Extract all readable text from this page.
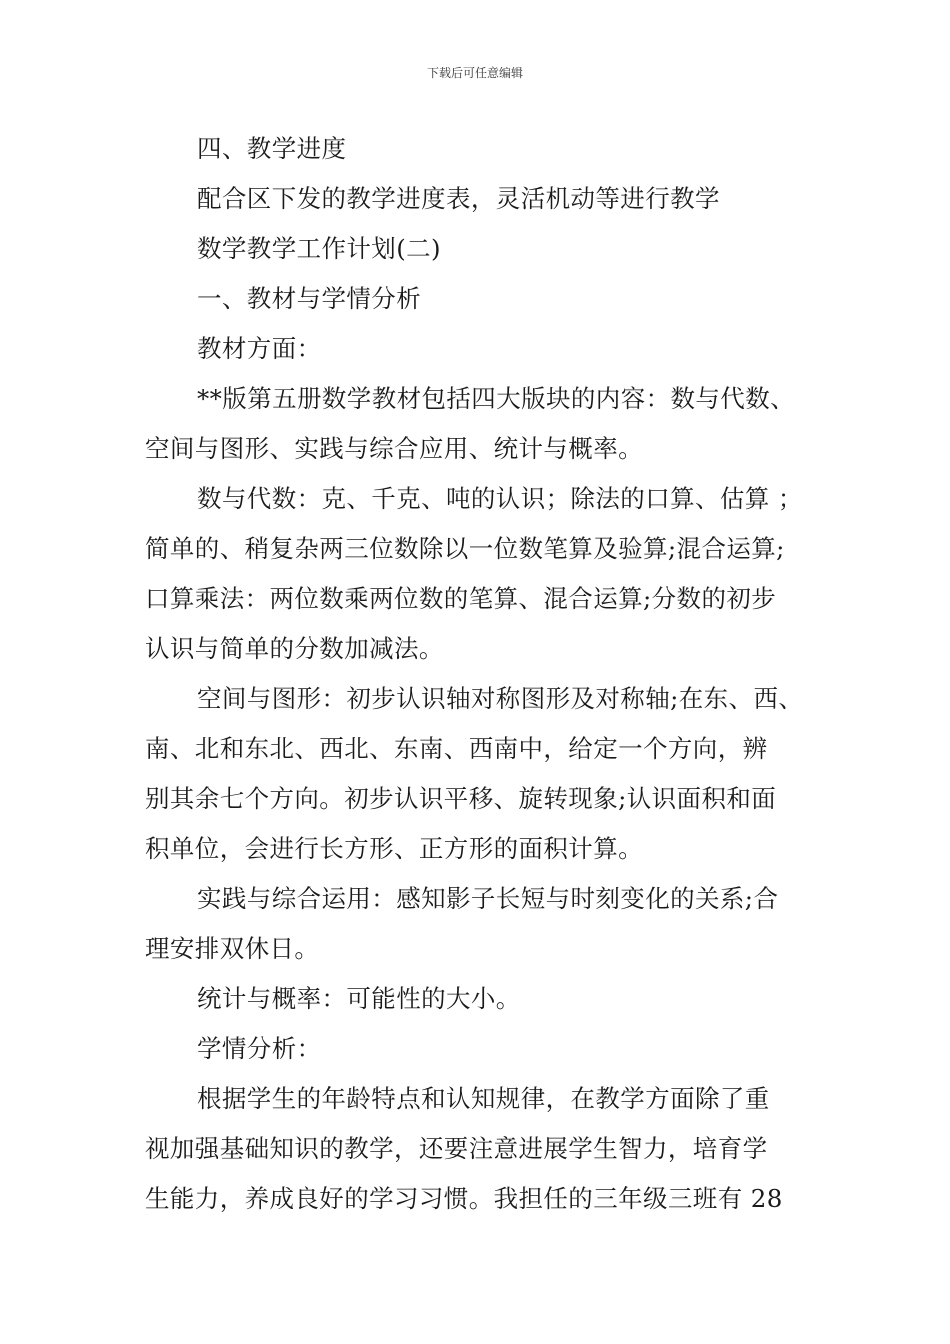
下载后可任意编辑
四、教学进度
配合区下发的教学进度表，灵活机动等进行教学
数学教学工作计划(二)
一、教材与学情分析
教材方面：
**版第五册数学教材包括四大版块的内容：数与代数、
空间与图形、实践与综合应用、统计与概率。
数与代数：克、千克、吨的认识；除法的口算、估算 ；
简单的、稍复杂两三位数除以一位数笔算及验算;混合运算;
口算乘法：两位数乘两位数的笔算、混合运算;分数的初步
认识与简单的分数加减法。
空间与图形：初步认识轴对称图形及对称轴;在东、西、
南、北和东北、西北、东南、西南中，给定一个方向，辨
别其余七个方向。初步认识平移、旋转现象;认识面积和面
积单位，会进行长方形、正方形的面积计算。
实践与综合运用：感知影子长短与时刻变化的关系;合
理安排双休日。
统计与概率：可能性的大小。
学情分析：
根据学生的年龄特点和认知规律，在教学方面除了重
视加强基础知识的教学，还要注意进展学生智力，培育学
生能力，养成良好的学习习惯。我担任的三年级三班有 28
